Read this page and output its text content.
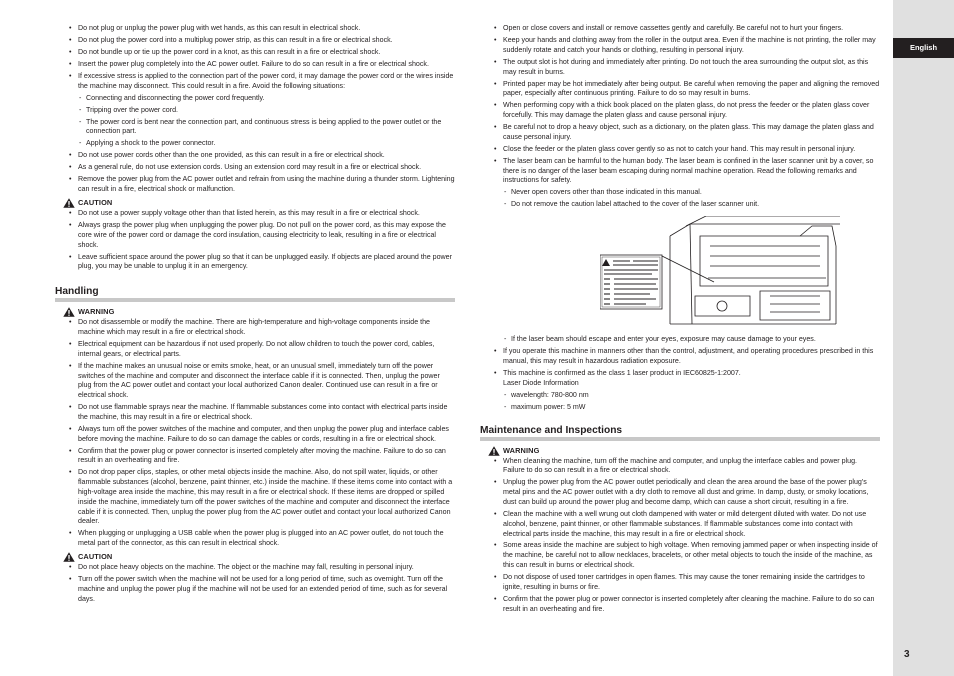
English
3
• Do not plug or unplug the power plug with wet hands, as this can result in electrical shock.
• Do not plug the power cord into a multiplug power strip, as this can result in a fire or electrical shock.
• Do not bundle up or tie up the power cord in a knot, as this can result in a fire or electrical shock.
• Insert the power plug completely into the AC power outlet. Failure to do so can result in a fire or electrical shock.
• If excessive stress is applied to the connection part of the power cord, it may damage the power cord or the wires inside the machine may disconnect. This could result in a fire. Avoid the following situations:
- Connecting and disconnecting the power cord frequently.
- Tripping over the power cord.
- The power cord is bent near the connection part, and continuous stress is being applied to the power outlet or the connection part.
- Applying a shock to the power connector.
• Do not use power cords other than the one provided, as this can result in a fire or electrical shock.
• As a general rule, do not use extension cords. Using an extension cord may result in a fire or electrical shock.
• Remove the power plug from the AC power outlet and refrain from using the machine during a thunder storm. Lightening can result in a fire, electrical shock or malfunction.
CAUTION
• Do not use a power supply voltage other than that listed herein, as this may result in a fire or electrical shock.
• Always grasp the power plug when unplugging the power plug. Do not pull on the power cord, as this may expose the core wire of the power cord or damage the cord insulation, causing electricity to leak, resulting in a fire or electrical shock.
• Leave sufficient space around the power plug so that it can be unplugged easily. If objects are placed around the power plug, you may be unable to unplug it in an emergency.
Handling
WARNING
• Do not disassemble or modify the machine. There are high-temperature and high-voltage components inside the machine which may result in a fire or electrical shock.
• Electrical equipment can be hazardous if not used properly. Do not allow children to touch the power cord, cables, internal gears, or electrical parts.
• If the machine makes an unusual noise or emits smoke, heat, or an unusual smell, immediately turn off the power switches of the machine and computer and disconnect the interface cable if it is connected. Then, unplug the power plug from the AC power outlet and contact your local authorized Canon dealer. Continued use can result in a fire or electrical shock.
• Do not use flammable sprays near the machine. If flammable substances come into contact with electrical parts inside the machine, this may result in a fire or electrical shock.
• Always turn off the power switches of the machine and computer, and then unplug the power plug and interface cables before moving the machine. Failure to do so can damage the cables or cords, resulting in a fire or electrical shock.
• Confirm that the power plug or power connector is inserted completely after moving the machine. Failure to do so can result in an overheating and fire.
• Do not drop paper clips, staples, or other metal objects inside the machine. Also, do not spill water, liquids, or other flammable substances (alcohol, benzene, paint thinner, etc.) inside the machine. If these items come into contact with a high-voltage area inside the machine, this may result in a fire or electrical shock. If these items are dropped or spilled inside the machine, immediately turn off the power switches of the machine and computer and disconnect the interface cable if it is connected. Then, unplug the power plug from the AC power outlet and contact your local authorized Canon dealer.
• When plugging or unplugging a USB cable when the power plug is plugged into an AC power outlet, do not touch the metal part of the connector, as this can result in electrical shock.
CAUTION
• Do not place heavy objects on the machine. The object or the machine may fall, resulting in personal injury.
• Turn off the power switch when the machine will not be used for a long period of time, such as overnight. Turn off the machine and unplug the power plug if the machine will not be used for an extended period of time, such as for several days.
• Open or close covers and install or remove cassettes gently and carefully. Be careful not to hurt your fingers.
• Keep your hands and clothing away from the roller in the output area. Even if the machine is not printing, the roller may suddenly rotate and catch your hands or clothing, resulting in personal injury.
• The output slot is hot during and immediately after printing. Do not touch the area surrounding the output slot, as this may result in burns.
• Printed paper may be hot immediately after being output. Be careful when removing the paper and aligning the removed paper, especially after continuous printing. Failure to do so may result in burns.
• When performing copy with a thick book placed on the platen glass, do not press the feeder or the platen glass cover forcefully. This may damage the platen glass and cause personal injury.
• Be careful not to drop a heavy object, such as a dictionary, on the platen glass. This may damage the platen glass and cause personal injury.
• Close the feeder or the platen glass cover gently so as not to catch your hand. This may result in personal injury.
• The laser beam can be harmful to the human body. The laser beam is confined in the laser scanner unit by a cover, so there is no danger of the laser beam escaping during normal machine operation. Read the following remarks and instructions for safety.
- Never open covers other than those indicated in this manual.
- Do not remove the caution label attached to the cover of the laser scanner unit.
- If the laser beam should escape and enter your eyes, exposure may cause damage to your eyes.
• If you operate this machine in manners other than the control, adjustment, and operating procedures prescribed in this manual, this may result in hazardous radiation exposure.
• This machine is confirmed as the class 1 laser product in IEC60825-1:2007.
Laser Diode Information
- wavelength: 780-800 nm
- maximum power: 5 mW
Maintenance and Inspections
WARNING
• When cleaning the machine, turn off the machine and computer, and unplug the interface cables and power plug. Failure to do so can result in a fire or electrical shock.
• Unplug the power plug from the AC power outlet periodically and clean the area around the base of the power plug's metal pins and the AC power outlet with a dry cloth to remove all dust and grime. In damp, dusty, or smoky locations, dust can build up around the power plug and become damp, which can cause a short circuit, resulting in a fire.
• Clean the machine with a well wrung out cloth dampened with water or mild detergent diluted with water. Do not use alcohol, benzene, paint thinner, or other flammable substances. If flammable substances come into contact with electrical parts inside the machine, this may result in a fire or electrical shock.
• Some areas inside the machine are subject to high voltage. When removing jammed paper or when inspecting inside of the machine, be careful not to allow necklaces, bracelets, or other metal objects to touch the inside of the machine, as this can result in burns or electrical shock.
• Do not dispose of used toner cartridges in open flames. This may cause the toner remaining inside the cartridges to ignite, resulting in burns or fire.
• Confirm that the power plug or power connector is inserted completely after cleaning the machine. Failure to do so can result in an overheating and fire.
